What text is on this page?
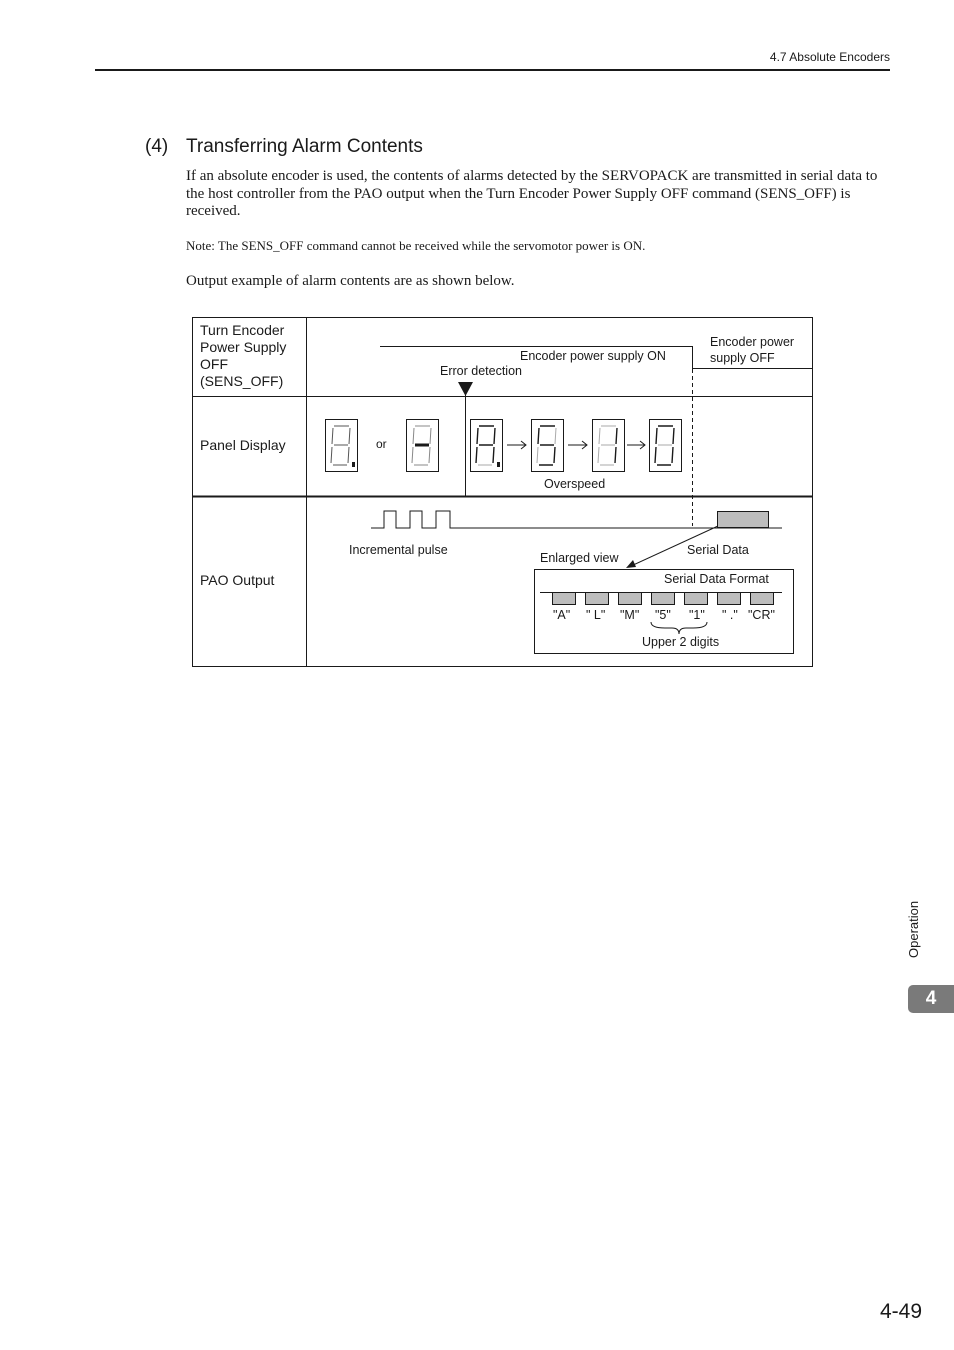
4.7 Absolute Encoders
(4) Transferring Alarm Contents
If an absolute encoder is used, the contents of alarms detected by the SERVOPACK are transmitted in serial data to the host controller from the PAO output when the Turn Encoder Power Supply OFF command (SENS_OFF) is received.
Note: The SENS_OFF command cannot be received while the servomotor power is ON.
Output example of alarm contents are as shown below.
Turn Encoder Power Supply OFF (SENS_OFF)
Panel Display
PAO Output
Encoder power supply ON
Encoder power supply OFF
Error detection
or
Overspeed
Incremental pulse
Enlarged view
Serial Data
Serial Data Format
"A" " L" "M" "5" "1" " ." "CR"
Upper 2 digits
Operation
4
4-49
